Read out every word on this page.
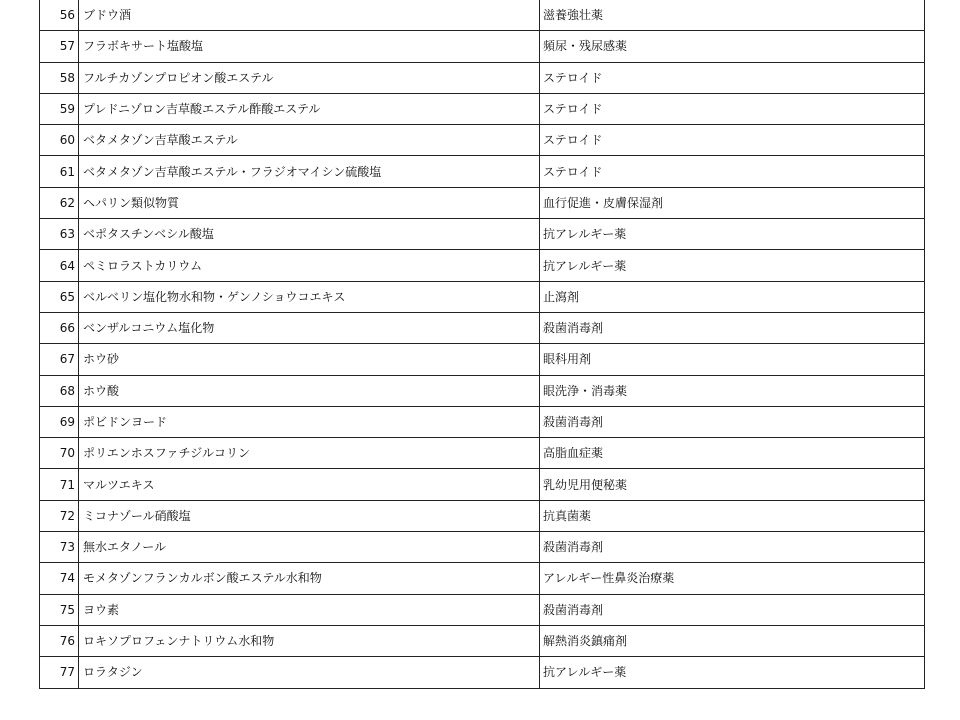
56	ブドウ酒	滋養強壮薬
57	フラボキサート塩酸塩	頻尿・残尿感薬
58	フルチカゾンプロピオン酸エステル	ステロイド
59	プレドニゾロン吉草酸エステル酢酸エステル	ステロイド
60	ベタメタゾン吉草酸エステル	ステロイド
61	ベタメタゾン吉草酸エステル・フラジオマイシン硫酸塩	ステロイド
62	ヘパリン類似物質	血行促進・皮膚保湿剤
63	ベポタスチンベシル酸塩	抗アレルギー薬
64	ペミロラストカリウム	抗アレルギー薬
65	ベルベリン塩化物水和物・ゲンノショウコエキス	止瀉剤
66	ベンザルコニウム塩化物	殺菌消毒剤
67	ホウ砂	眼科用剤
68	ホウ酸	眼洗浄・消毒薬
69	ポビドンヨード	殺菌消毒剤
70	ポリエンホスファチジルコリン	高脂血症薬
71	マルツエキス	乳幼児用便秘薬
72	ミコナゾール硝酸塩	抗真菌薬
73	無水エタノール	殺菌消毒剤
74	モメタゾンフランカルボン酸エステル水和物	アレルギー性鼻炎治療薬
75	ヨウ素	殺菌消毒剤
76	ロキソプロフェンナトリウム水和物	解熱消炎鎮痛剤
77	ロラタジン	抗アレルギー薬
